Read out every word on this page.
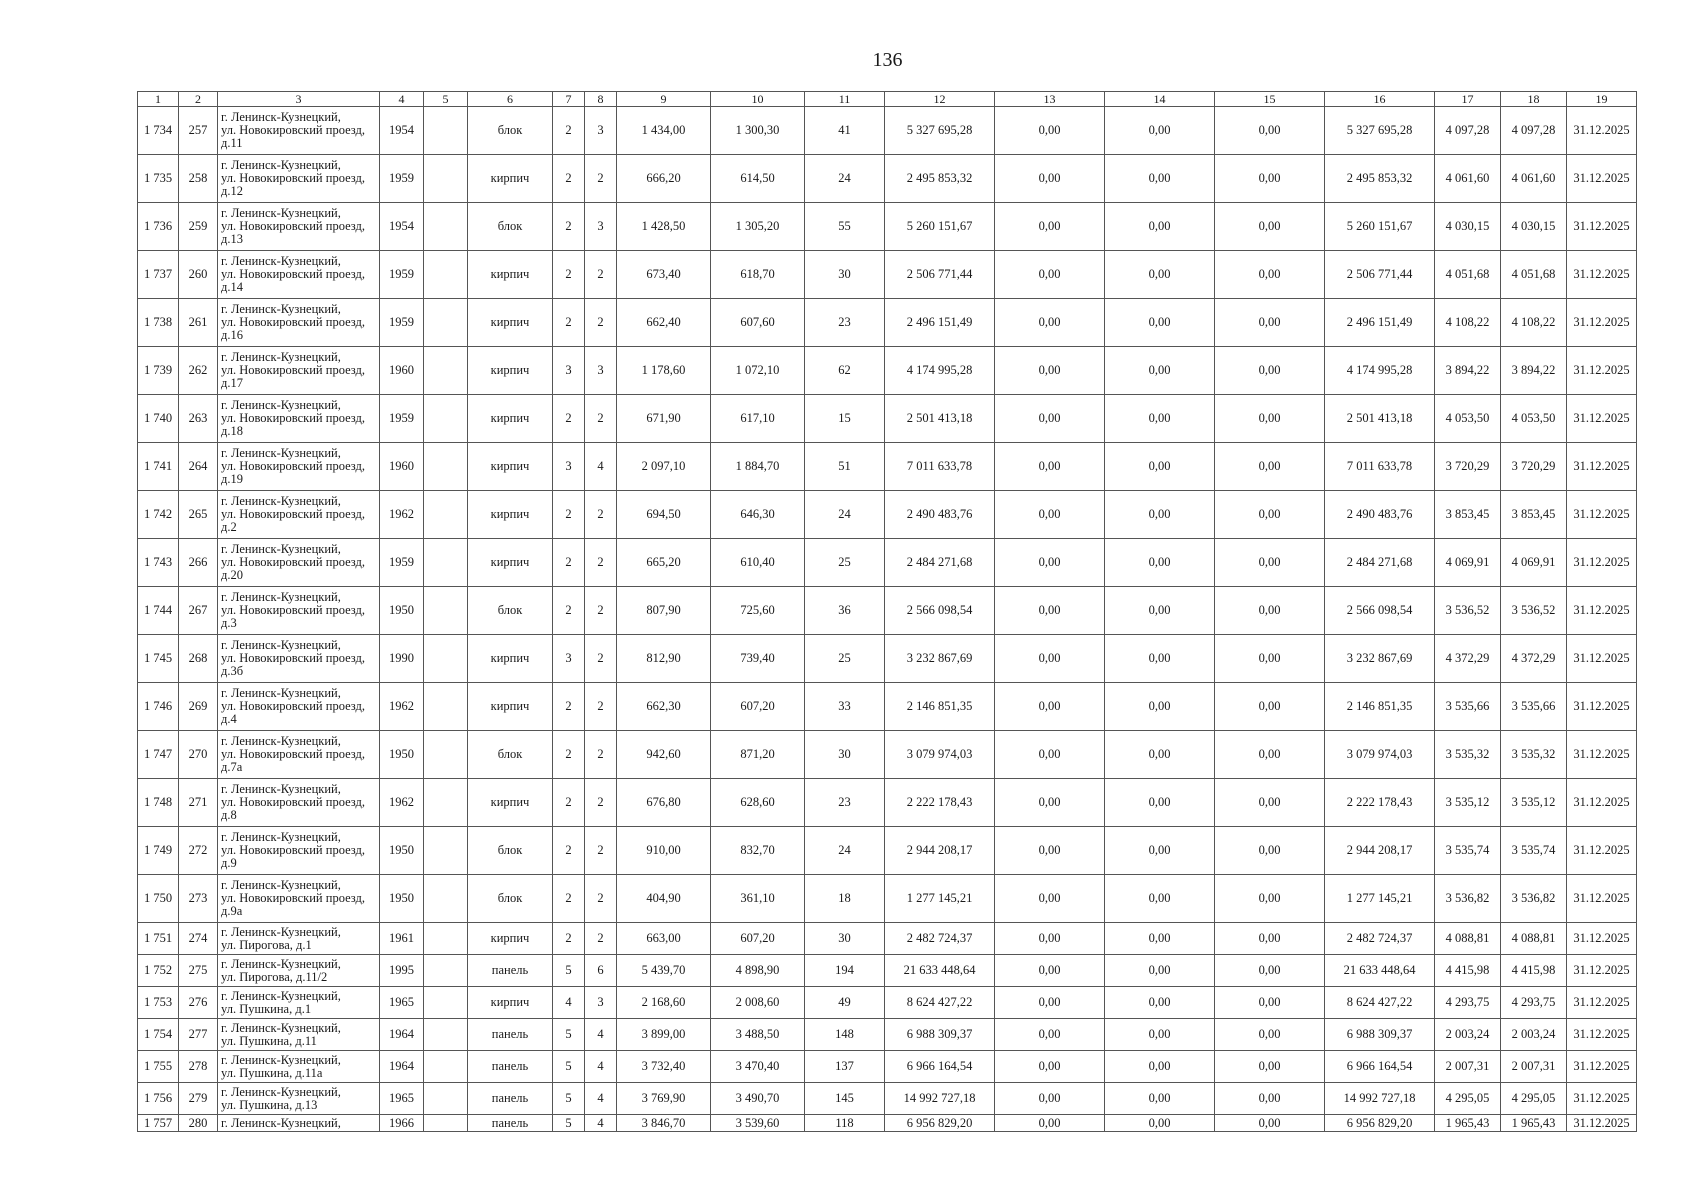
136
1	2	3	4	5	6	7	8	9	10	11	12	13	14	15	16	17	18	19
1 734	257	г. Ленинск-Кузнецкий,
ул. Новокировский проезд,
д.11	1954		блок	2	3	1 434,00	1 300,30	41	5 327 695,28	0,00	0,00	0,00	5 327 695,28	4 097,28	4 097,28	31.12.2025
1 735	258	г. Ленинск-Кузнецкий,
ул. Новокировский проезд,
д.12	1959		кирпич	2	2	666,20	614,50	24	2 495 853,32	0,00	0,00	0,00	2 495 853,32	4 061,60	4 061,60	31.12.2025
1 736	259	г. Ленинск-Кузнецкий,
ул. Новокировский проезд,
д.13	1954		блок	2	3	1 428,50	1 305,20	55	5 260 151,67	0,00	0,00	0,00	5 260 151,67	4 030,15	4 030,15	31.12.2025
1 737	260	г. Ленинск-Кузнецкий,
ул. Новокировский проезд,
д.14	1959		кирпич	2	2	673,40	618,70	30	2 506 771,44	0,00	0,00	0,00	2 506 771,44	4 051,68	4 051,68	31.12.2025
1 738	261	г. Ленинск-Кузнецкий,
ул. Новокировский проезд,
д.16	1959		кирпич	2	2	662,40	607,60	23	2 496 151,49	0,00	0,00	0,00	2 496 151,49	4 108,22	4 108,22	31.12.2025
1 739	262	г. Ленинск-Кузнецкий,
ул. Новокировский проезд,
д.17	1960		кирпич	3	3	1 178,60	1 072,10	62	4 174 995,28	0,00	0,00	0,00	4 174 995,28	3 894,22	3 894,22	31.12.2025
1 740	263	г. Ленинск-Кузнецкий,
ул. Новокировский проезд,
д.18	1959		кирпич	2	2	671,90	617,10	15	2 501 413,18	0,00	0,00	0,00	2 501 413,18	4 053,50	4 053,50	31.12.2025
1 741	264	г. Ленинск-Кузнецкий,
ул. Новокировский проезд,
д.19	1960		кирпич	3	4	2 097,10	1 884,70	51	7 011 633,78	0,00	0,00	0,00	7 011 633,78	3 720,29	3 720,29	31.12.2025
1 742	265	г. Ленинск-Кузнецкий,
ул. Новокировский проезд,
д.2	1962		кирпич	2	2	694,50	646,30	24	2 490 483,76	0,00	0,00	0,00	2 490 483,76	3 853,45	3 853,45	31.12.2025
1 743	266	г. Ленинск-Кузнецкий,
ул. Новокировский проезд,
д.20	1959		кирпич	2	2	665,20	610,40	25	2 484 271,68	0,00	0,00	0,00	2 484 271,68	4 069,91	4 069,91	31.12.2025
1 744	267	г. Ленинск-Кузнецкий,
ул. Новокировский проезд,
д.3	1950		блок	2	2	807,90	725,60	36	2 566 098,54	0,00	0,00	0,00	2 566 098,54	3 536,52	3 536,52	31.12.2025
1 745	268	г. Ленинск-Кузнецкий,
ул. Новокировский проезд,
д.3б	1990		кирпич	3	2	812,90	739,40	25	3 232 867,69	0,00	0,00	0,00	3 232 867,69	4 372,29	4 372,29	31.12.2025
1 746	269	г. Ленинск-Кузнецкий,
ул. Новокировский проезд,
д.4	1962		кирпич	2	2	662,30	607,20	33	2 146 851,35	0,00	0,00	0,00	2 146 851,35	3 535,66	3 535,66	31.12.2025
1 747	270	г. Ленинск-Кузнецкий,
ул. Новокировский проезд,
д.7а	1950		блок	2	2	942,60	871,20	30	3 079 974,03	0,00	0,00	0,00	3 079 974,03	3 535,32	3 535,32	31.12.2025
1 748	271	г. Ленинск-Кузнецкий,
ул. Новокировский проезд,
д.8	1962		кирпич	2	2	676,80	628,60	23	2 222 178,43	0,00	0,00	0,00	2 222 178,43	3 535,12	3 535,12	31.12.2025
1 749	272	г. Ленинск-Кузнецкий,
ул. Новокировский проезд,
д.9	1950		блок	2	2	910,00	832,70	24	2 944 208,17	0,00	0,00	0,00	2 944 208,17	3 535,74	3 535,74	31.12.2025
1 750	273	г. Ленинск-Кузнецкий,
ул. Новокировский проезд,
д.9а	1950		блок	2	2	404,90	361,10	18	1 277 145,21	0,00	0,00	0,00	1 277 145,21	3 536,82	3 536,82	31.12.2025
1 751	274	г. Ленинск-Кузнецкий,
ул. Пирогова, д.1	1961		кирпич	2	2	663,00	607,20	30	2 482 724,37	0,00	0,00	0,00	2 482 724,37	4 088,81	4 088,81	31.12.2025
1 752	275	г. Ленинск-Кузнецкий,
ул. Пирогова, д.11/2	1995		панель	5	6	5 439,70	4 898,90	194	21 633 448,64	0,00	0,00	0,00	21 633 448,64	4 415,98	4 415,98	31.12.2025
1 753	276	г. Ленинск-Кузнецкий,
ул. Пушкина, д.1	1965		кирпич	4	3	2 168,60	2 008,60	49	8 624 427,22	0,00	0,00	0,00	8 624 427,22	4 293,75	4 293,75	31.12.2025
1 754	277	г. Ленинск-Кузнецкий,
ул. Пушкина, д.11	1964		панель	5	4	3 899,00	3 488,50	148	6 988 309,37	0,00	0,00	0,00	6 988 309,37	2 003,24	2 003,24	31.12.2025
1 755	278	г. Ленинск-Кузнецкий,
ул. Пушкина, д.11а	1964		панель	5	4	3 732,40	3 470,40	137	6 966 164,54	0,00	0,00	0,00	6 966 164,54	2 007,31	2 007,31	31.12.2025
1 756	279	г. Ленинск-Кузнецкий,
ул. Пушкина, д.13	1965		панель	5	4	3 769,90	3 490,70	145	14 992 727,18	0,00	0,00	0,00	14 992 727,18	4 295,05	4 295,05	31.12.2025
1 757	280	г. Ленинск-Кузнецкий,	1966		панель	5	4	3 846,70	3 539,60	118	6 956 829,20	0,00	0,00	0,00	6 956 829,20	1 965,43	1 965,43	31.12.2025
